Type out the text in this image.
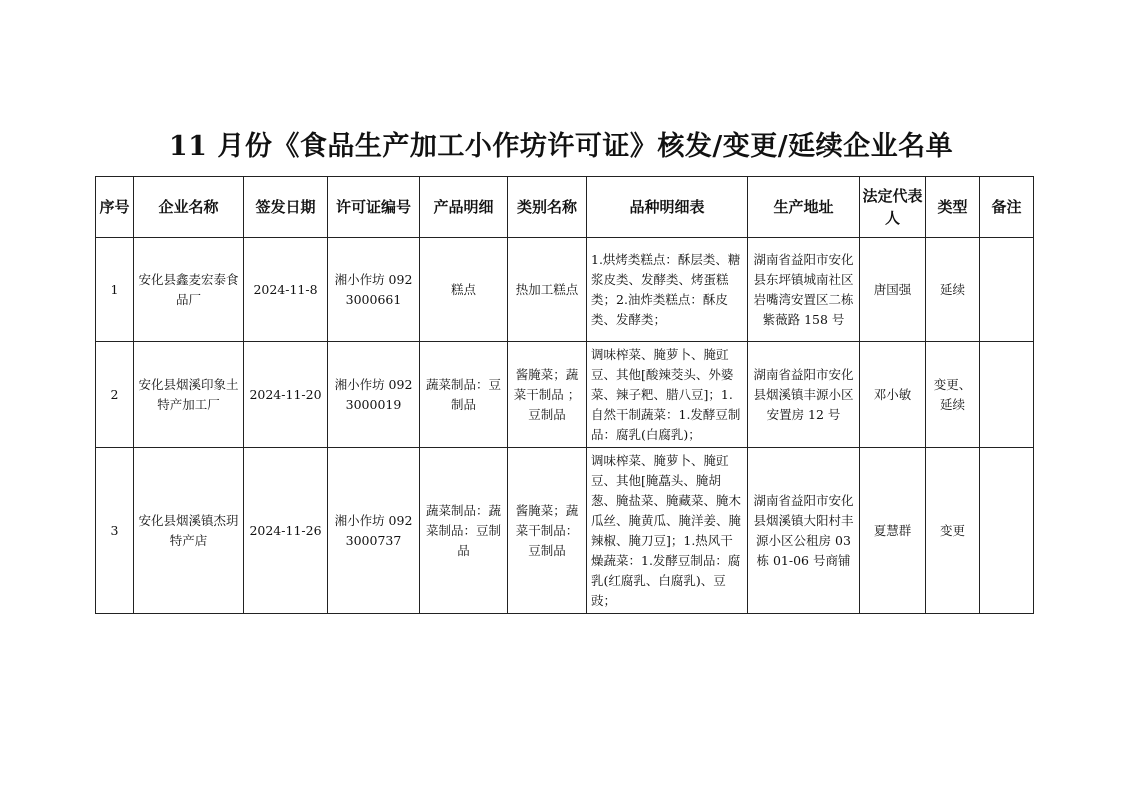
11 月份《食品生产加工小作坊许可证》核发/变更/延续企业名单
序号	企业名称	签发日期	许可证编号	产品明细	类别名称	品种明细表	生产地址	法定代表人	类型	备注
1	安化县鑫麦宏泰食品厂	2024-11-8	湘小作坊 0923000661	糕点	热加工糕点	1.烘烤类糕点：酥层类、糖浆皮类、发酵类、烤蛋糕类；2.油炸类糕点：酥皮类、发酵类；	湖南省益阳市安化县东坪镇城南社区岩嘴湾安置区二栋紫薇路 158 号	唐国强	延续	
2	安化县烟溪印象土特产加工厂	2024-11-20	湘小作坊 0923000019	蔬菜制品：豆制品	酱腌菜；蔬菜干制品 ；豆制品	调味榨菜、腌萝卜、腌豇豆、其他[酸辣茭头、外婆菜、辣子粑、腊八豆]；1.自然干制蔬菜：1.发酵豆制品：腐乳(白腐乳)；	湖南省益阳市安化县烟溪镇丰源小区安置房 12 号	邓小敏	变更、延续	
3	安化县烟溪镇杰玥特产店	2024-11-26	湘小作坊 0923000737	蔬菜制品：蔬菜制品：豆制品	酱腌菜；蔬菜干制品：豆制品	调味榨菜、腌萝卜、腌豇豆、其他[腌藠头、腌胡葱、腌盐菜、腌藏菜、腌木瓜丝、腌黄瓜、腌洋姜、腌辣椒、腌刀豆]；1.热风干燥蔬菜：1.发酵豆制品：腐乳(红腐乳、白腐乳)、豆豉；	湖南省益阳市安化县烟溪镇大阳村丰源小区公租房 03 栋 01-06 号商铺	夏慧群	变更	
